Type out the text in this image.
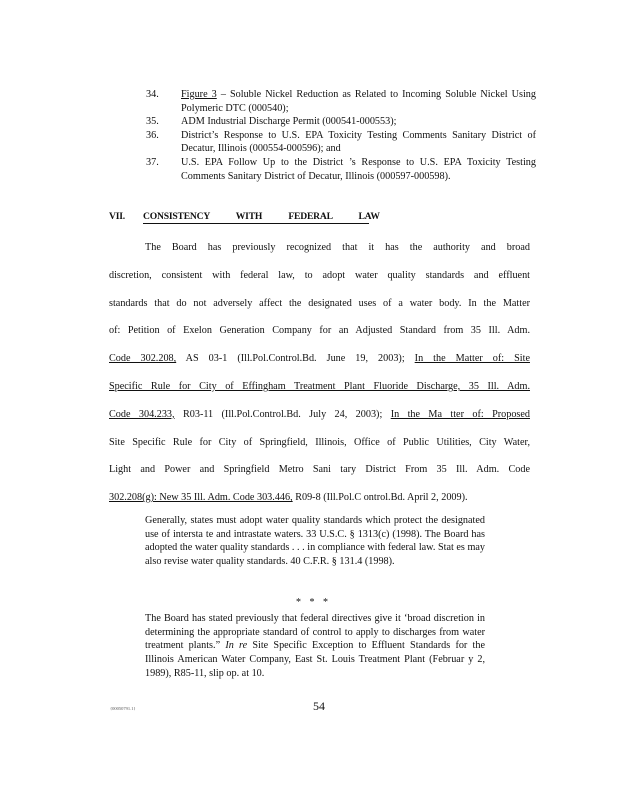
34. Figure 3 – Soluble Nickel Reduction as Related to Incoming Soluble Nickel Using Polymeric DTC (000540);
35. ADM Industrial Discharge Permit (000541-000553);
36. District’s Response to U.S. EPA Toxicity Testing Comments Sanitary District of Decatur, Illinois (000554-000596); and
37. U.S. EPA Follow Up to the District ’s Response to U.S. EPA Toxicity Testing Comments Sanitary District of Decatur, Illinois (000597-000598).
VII. CONSISTENCY WITH FEDERAL LAW

The Board has previously recognized that it has the authority and broad

discretion, consistent with federal law, to adopt water quality standards and effluent

standards that do not adversely affect the designated uses of a water body. In the Matter

of: Petition of Exelon Generation Company for an Adjusted Standard from 35 Ill. Adm.

Code 302.208, AS 03-1 (Ill.Pol.Control.Bd. June 19, 2003); In the Matter of: Site

Specific Rule for City of Effingham Treatment Plant Fluoride Discharge, 35 Ill. Adm.

Code 304.233, R03-11 (Ill.Pol.Control.Bd. July 24, 2003); In the Ma tter of: Proposed

Site Specific Rule for City of Springfield, Illinois, Office of Public Utilities, City Water,

Light and Power and Springfield Metro Sani tary District From 35 Ill. Adm. Code

302.208(g): New 35 Ill. Adm. Code 303.446, R09-8 (Ill.Pol.C ontrol.Bd. April 2, 2009).

Generally, states must adopt water quality standards which protect the designated use of intersta te and intrastate waters. 33 U.S.C. § 1313(c) (1998). The Board has adopted the water quality standards . . . in compliance with federal law. Stat es may also revise water quality standards. 40 C.F.R. § 131.4 (1998).

* * *

The Board has stated previously that federal directives give it ‘broad discretion in determining the appropriate standard of control to apply to discharges from water treatment plants.” In re Site Specific Exception to Effluent Standards for the Illinois American Water Company, East St. Louis Treatment Plant (Februar y 2, 1989), R85-11, slip op. at 10.

{00050791.1}	54
